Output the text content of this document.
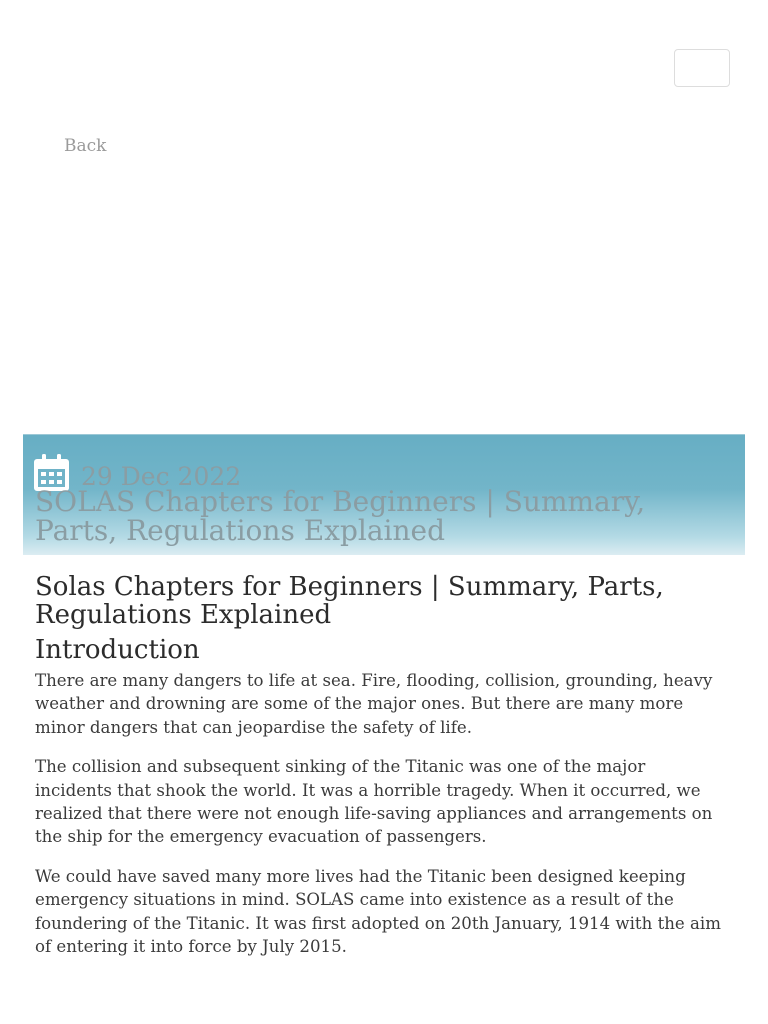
Back
29 Dec 2022
SOLAS Chapters for Beginners | Summary, Parts, Regulations Explained
Solas Chapters for Beginners | Summary, Parts, Regulations Explained
Introduction

There are many dangers to life at sea. Fire, flooding, collision, grounding, heavy weather and drowning are some of the major ones. But there are many more minor dangers that can jeopardise the safety of life.

The collision and subsequent sinking of the Titanic was one of the major incidents that shook the world. It was a horrible tragedy. When it occurred, we realized that there were not enough life-saving appliances and arrangements on the ship for the emergency evacuation of passengers.

We could have saved many more lives had the Titanic been designed keeping emergency situations in mind. SOLAS came into existence as a result of the foundering of the Titanic. It was first adopted on 20th January, 1914 with the aim of entering it into force by July 2015.
